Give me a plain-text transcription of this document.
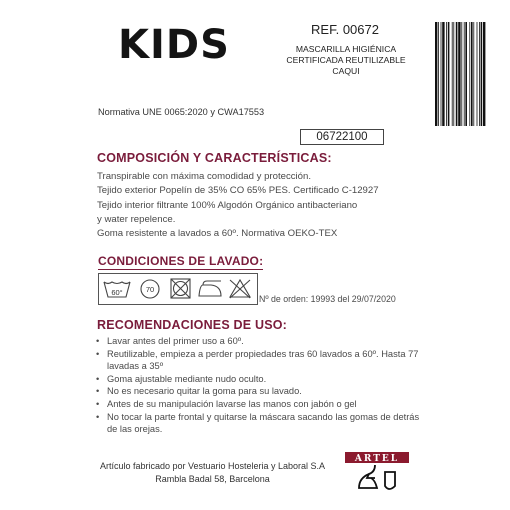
KIDS	REF. 00672
MASCARILLA HIGIÉNICA
CERTIFICADA REUTILIZABLE
CAQUI
06722100
Normativa UNE 0065:2020 y CWA17553
COMPOSICIÓN Y CARACTERÍSTICAS:
Transpirable con máxima comodidad y protección.
Tejido exterior Popelín de 35% CO 65% PES. Certificado C-12927
Tejido interior filtrante 100% Algodón Orgánico antibacteriano
y water repelence.
Goma resistente a lavados a 60º. Normativa OEKO-TEX
CONDICIONES DE LAVADO:
60°	70
Nº de orden: 19993 del 29/07/2020
RECOMENDACIONES DE USO:
• Lavar antes del primer uso a 60º.
• Reutilizable, empieza a perder propiedades tras 60 lavados a 60º. Hasta 77 lavadas a 35º
• Goma ajustable mediante nudo oculto.
• No es necesario quitar la goma para su lavado.
• Antes de su manipulación lavarse las manos con jabón o gel
• No tocar la parte frontal y quitarse la máscara sacando las gomas de detrás de las orejas.
Artículo fabricado por Vestuario Hosteleria y Laboral S.A
Rambla Badal 58, Barcelona
ARTEL
